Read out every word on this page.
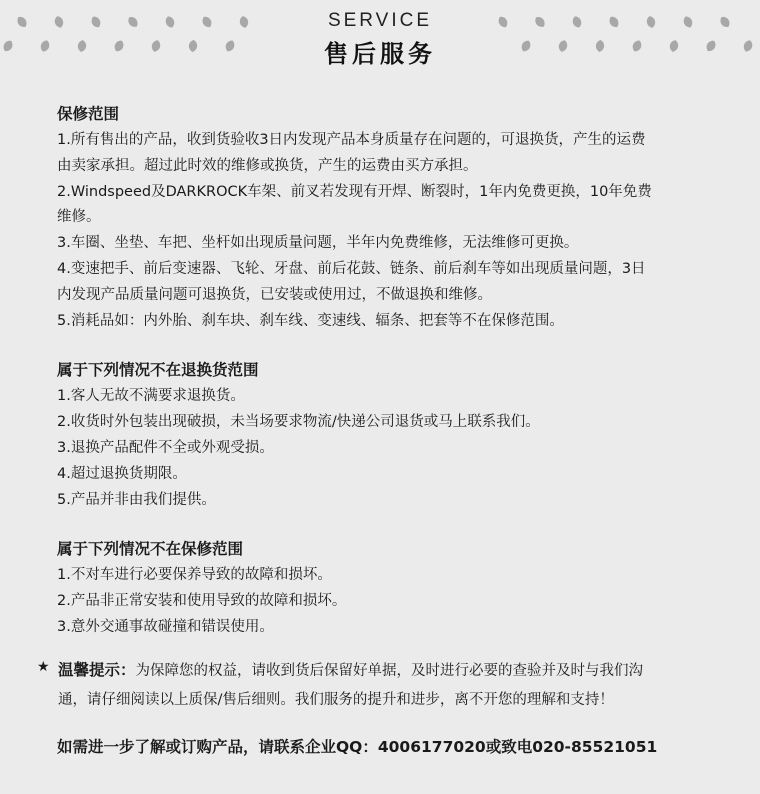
SERVICE
售后服务

保修范围

1.所有售出的产品，收到货验收3日内发现产品本身质量存在问题的，可退换货，产生的运费

由卖家承担。超过此时效的维修或换货，产生的运费由买方承担。

2.Windspeed及DARKROCK车架、前叉若发现有开焊、断裂时，1年内免费更换，10年免费

维修。

3.车圈、坐垫、车把、坐杆如出现质量问题，半年内免费维修，无法维修可更换。

4.变速把手、前后变速器、飞轮、牙盘、前后花鼓、链条、前后刹车等如出现质量问题，3日

内发现产品质量问题可退换货，已安装或使用过，不做退换和维修。

5.消耗品如：内外胎、刹车块、刹车线、变速线、辐条、把套等不在保修范围。

属于下列情况不在退换货范围

1.客人无故不满要求退换货。

2.收货时外包装出现破损，未当场要求物流/快递公司退货或马上联系我们。

3.退换产品配件不全或外观受损。

4.超过退换货期限。

5.产品并非由我们提供。

属于下列情况不在保修范围

1.不对车进行必要保养导致的故障和损坏。

2.产品非正常安装和使用导致的故障和损坏。

3.意外交通事故碰撞和错误使用。

★ 温馨提示：为保障您的权益，请收到货后保留好单据，及时进行必要的查验并及时与我们沟
通，请仔细阅读以上质保/售后细则。我们服务的提升和进步，离不开您的理解和支持！
如需进一步了解或订购产品，请联系企业QQ：4006177020或致电020-85521051
